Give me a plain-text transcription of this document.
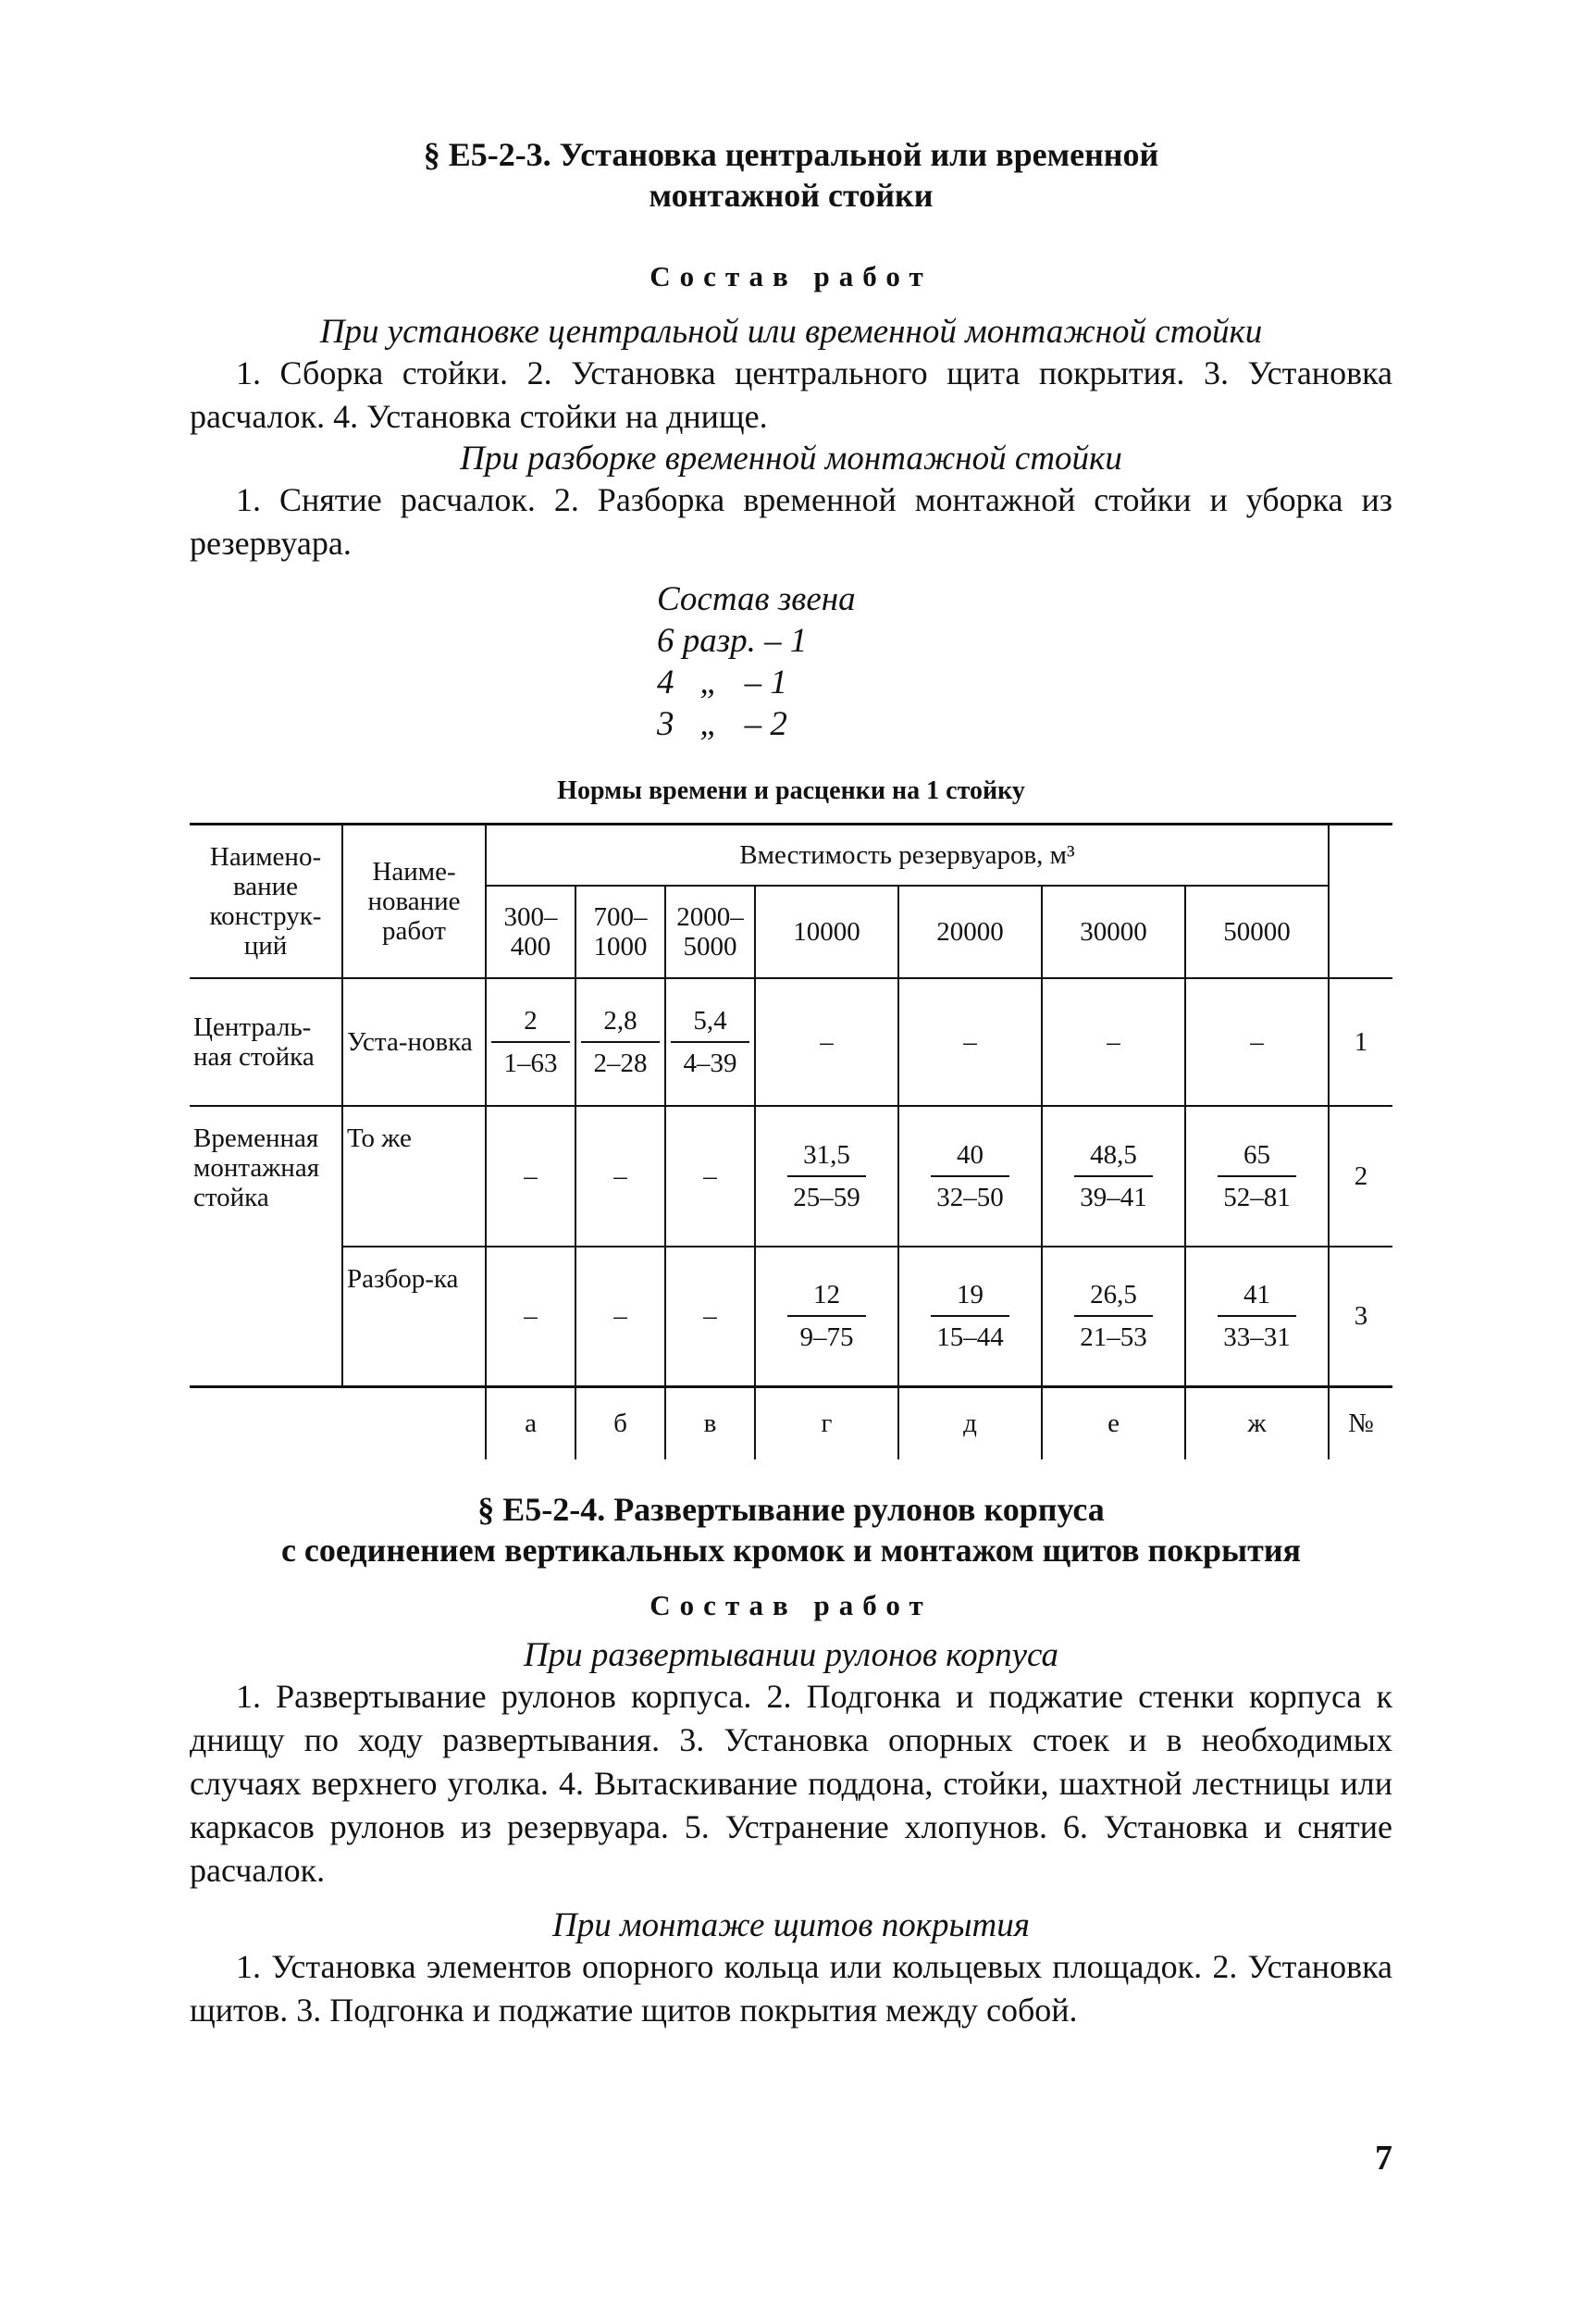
§ Е5-2-3. Установка центральной или временной

монтажной стойки

Состав работ

При установке центральной или временной монтажной стойки

1. Сборка стойки. 2. Установка центрального щита покрытия. 3. Установка расчалок. 4. Установка стойки на днище.

При разборке временной монтажной стойки

1. Снятие расчалок. 2. Разборка временной монтажной стойки и уборка из резервуара.

Состав звена
6 разр. – 1
4   „   – 1
3   „   – 2

Нормы времени и расценки на 1 стойку

Наимено-вание конструк-ций	Наиме-нование работ	Вместимость резервуаров, м³							
		300–400	700–1000	2000–5000	10000	20000	30000	50000	
Централь-ная стойка	Уста-новка	$\frac{2}{1-63}$	$\frac{2,8}{2-28}$	$\frac{5,4}{4-39}$	–	–	–	–	1
Временная монтажная стойка	То же	–	–	–	$\frac{31,5}{25-59}$	$\frac{40}{32-50}$	$\frac{48,5}{39-41}$	$\frac{65}{52-81}$	2
	Разбор-ка	–	–	–	$\frac{12}{9-75}$	$\frac{19}{15-44}$	$\frac{26,5}{21-53}$	$\frac{41}{33-31}$	3
		а	б	в	г	д	е	ж	№

§ Е5-2-4. Развертывание рулонов корпуса

с соединением вертикальных кромок и монтажом щитов покрытия

Состав работ

При развертывании рулонов корпуса

1. Развертывание рулонов корпуса. 2. Подгонка и поджатие стенки корпуса к днищу по ходу развертывания. 3. Установка опорных стоек и в необходимых случаях верхнего уголка. 4. Вытаскивание поддона, стойки, шахтной лестницы или каркасов рулонов из резервуара. 5. Устранение хлопунов. 6. Установка и снятие расчалок.

При монтаже щитов покрытия

1. Установка элементов опорного кольца или кольцевых площадок. 2. Установка щитов. 3. Подгонка и поджатие щитов покрытия между собой.

7
